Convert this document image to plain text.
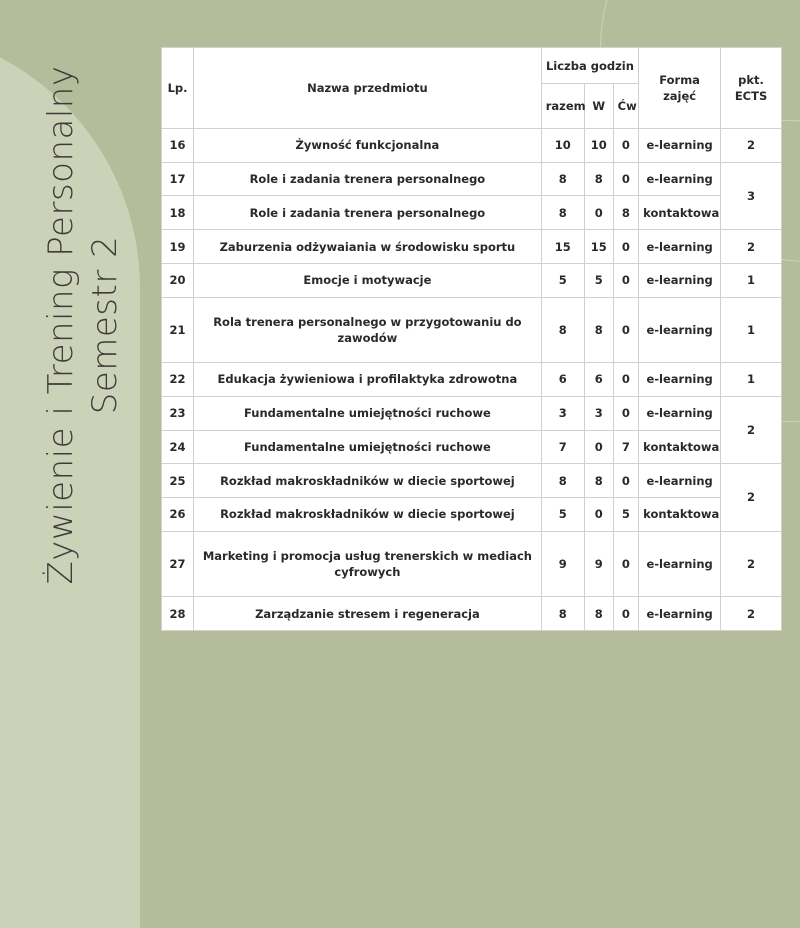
Żywienie i Trening Personalny Semestr 2
Lp.	Nazwa przedmiotu	Liczba godzin			Forma zajęć	pkt. ECTS
		razem	W	Ćw		
16	Żywność funkcjonalna	10	10	0	e-learning	2
17	Role i zadania trenera personalnego	8	8	0	e-learning	3
18	Role i zadania trenera personalnego	8	0	8	kontaktowa	
19	Zaburzenia odżywaiania w środowisku sportu	15	15	0	e-learning	2
20	Emocje i motywacje	5	5	0	e-learning	1
21	Rola trenera personalnego w przygotowaniu do zawodów	8	8	0	e-learning	1
22	Edukacja żywieniowa i profilaktyka zdrowotna	6	6	0	e-learning	1
23	Fundamentalne umiejętności ruchowe	3	3	0	e-learning	2
24	Fundamentalne umiejętności ruchowe	7	0	7	kontaktowa	
25	Rozkład makroskładników w diecie sportowej	8	8	0	e-learning	2
26	Rozkład makroskładników w diecie sportowej	5	0	5	kontaktowa	
27	Marketing i promocja usług trenerskich w mediach cyfrowych	9	9	0	e-learning	2
28	Zarządzanie stresem i regeneracja	8	8	0	e-learning	2
